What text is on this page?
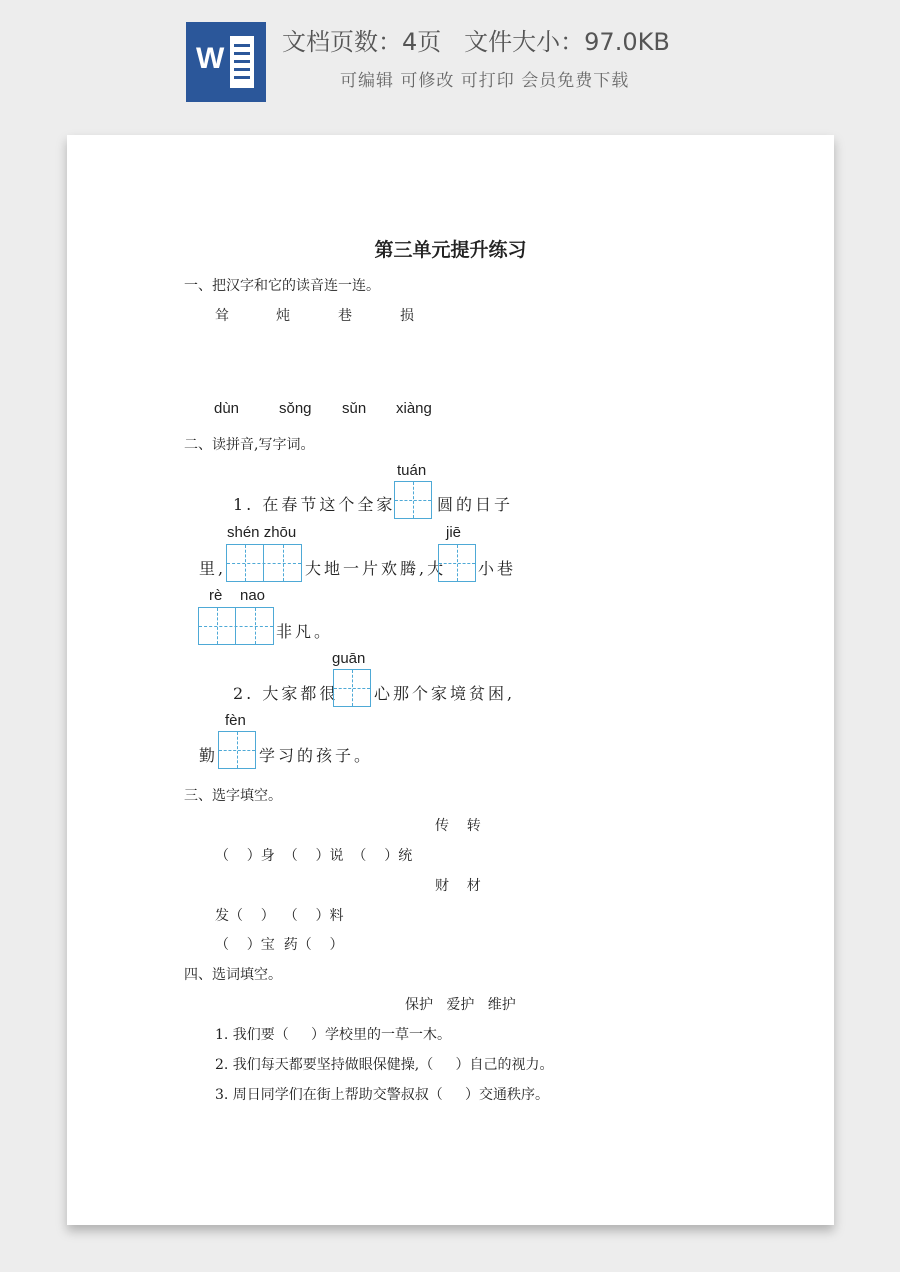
W 文档页数：4页   文件大小：97.0KB
可编辑 可修改 可打印 会员免费下载
第三单元提升练习
一、把汉字和它的读音连一连。
耸	炖	巷	损
dùn	sǒng sǔn xiàng
二、读拼音,写字词。
tuán
1. 在春节这个全家	圆的日子
shén zhōu
里,	大地一片欢腾,大
jiē
小巷
rè nao
非凡。
guān
2. 大家都很 心那个家境贫困,
fèn
勤	学习的孩子。
三、选字填空。
传    转
（    ）身  （    ）说  （    ）统
财    材
发（    ）  （    ）料
（    ）宝  药（    ）
四、选词填空。
保护   爱护   维护
1. 我们要（     ）学校里的一草一木。
2. 我们每天都要坚持做眼保健操,（     ）自己的视力。
3. 周日同学们在街上帮助交警叔叔（     ）交通秩序。
